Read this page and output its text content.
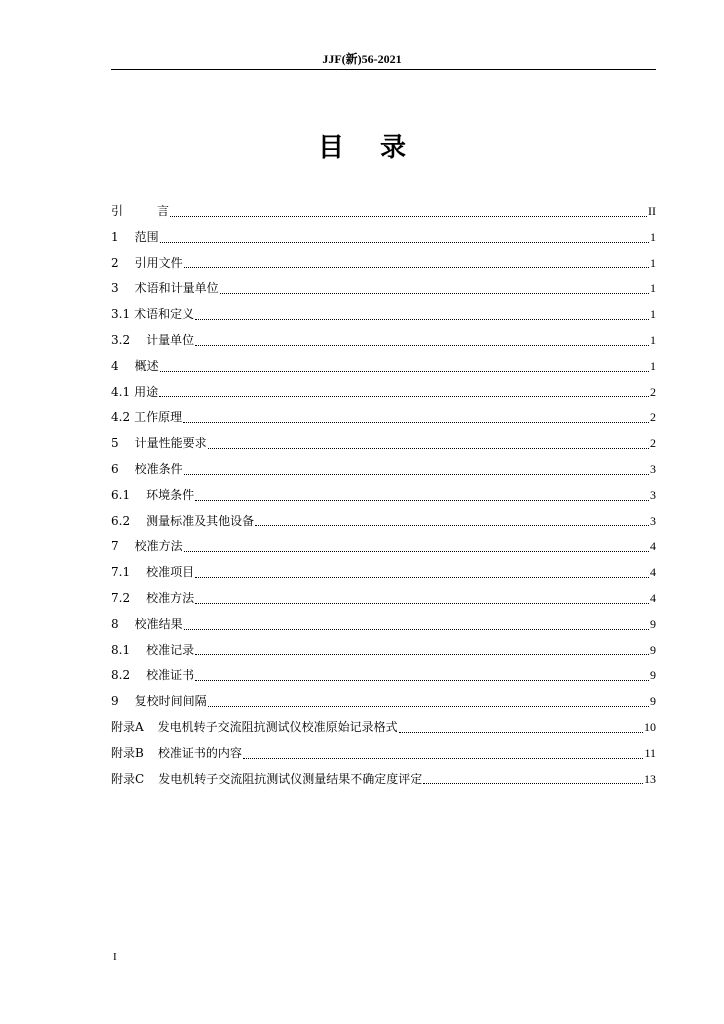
JJF(新)56-2021
目 录
引	言	II
1 范围	1
2 引用文件	1
3 术语和计量单位	1
3.1 术语和定义	1
3.2 计量单位	1
4 概述	1
4.1 用途	2
4.2 工作原理	2
5 计量性能要求	2
6 校准条件	3
6.1 环境条件	3
6.2 测量标准及其他设备	3
7 校准方法	4
7.1 校准项目	4
7.2 校准方法	4
8 校准结果	9
8.1 校准记录	9
8.2 校准证书	9
9 复校时间间隔	9
附录A 发电机转子交流阻抗测试仪校准原始记录格式	10
附录B 校准证书的内容	11
附录C 发电机转子交流阻抗测试仪测量结果不确定度评定	13
I
